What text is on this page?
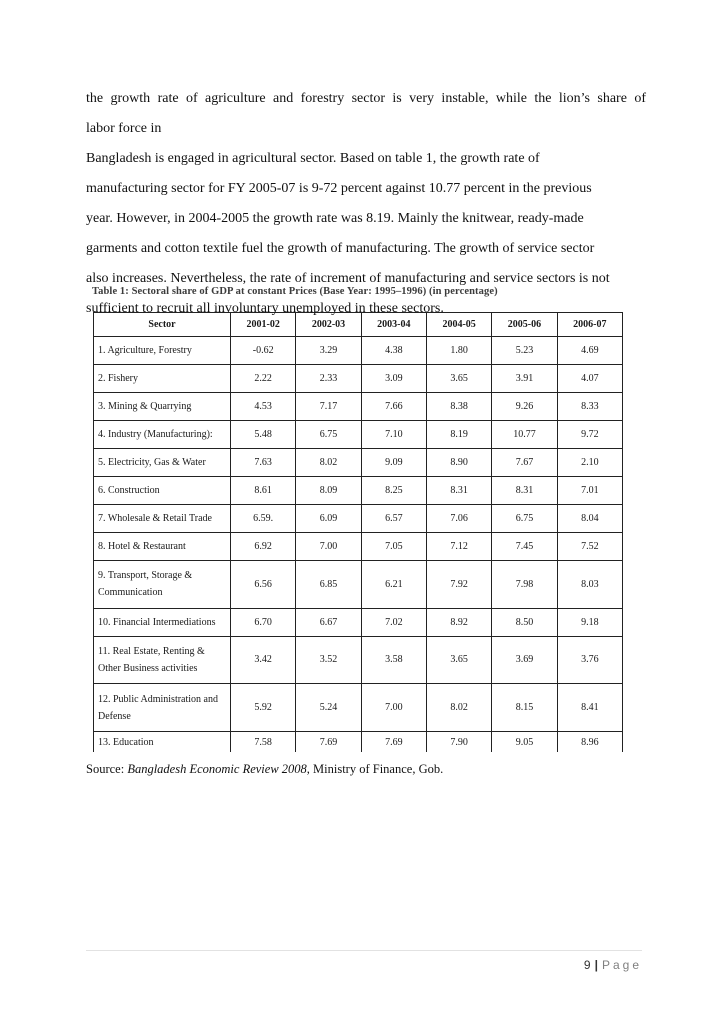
the growth rate of agriculture and forestry sector is very instable, while the lion’s share of
labor force in
Bangladesh is engaged in agricultural sector. Based on table 1, the growth rate of
manufacturing sector for FY 2005-07 is 9-72 percent against 10.77 percent in the previous
year. However, in 2004-2005 the growth rate was 8.19. Mainly the knitwear, ready-made
garments and cotton textile fuel the growth of manufacturing. The growth of service sector
also increases. Nevertheless, the rate of increment of manufacturing and service sectors is not
sufficient to recruit all involuntary unemployed in these sectors.
Table 1: Sectoral share of GDP at constant Prices (Base Year: 1995–1996) (in percentage)
Sector	2001-02	2002-03	2003-04	2004-05	2005-06	2006-07
1. Agriculture, Forestry	-0.62	3.29	4.38	1.80	5.23	4.69
2. Fishery	2.22	2.33	3.09	3.65	3.91	4.07
3. Mining & Quarrying	4.53	7.17	7.66	8.38	9.26	8.33
4. Industry (Manufacturing):	5.48	6.75	7.10	8.19	10.77	9.72
5. Electricity, Gas & Water	7.63	8.02	9.09	8.90	7.67	2.10
6. Construction	8.61	8.09	8.25	8.31	8.31	7.01
7. Wholesale & Retail Trade	6.59.	6.09	6.57	7.06	6.75	8.04
8. Hotel & Restaurant	6.92	7.00	7.05	7.12	7.45	7.52
9. Transport, Storage & Communication	6.56	6.85	6.21	7.92	7.98	8.03
10. Financial Intermediations	6.70	6.67	7.02	8.92	8.50	9.18
11. Real Estate, Renting & Other Business activities	3.42	3.52	3.58	3.65	3.69	3.76
12. Public Administration and Defense	5.92	5.24	7.00	8.02	8.15	8.41
13. Education	7.58	7.69	7.69	7.90	9.05	8.96
Source: Bangladesh Economic Review 2008, Ministry of Finance, Gob.
9 | Page
